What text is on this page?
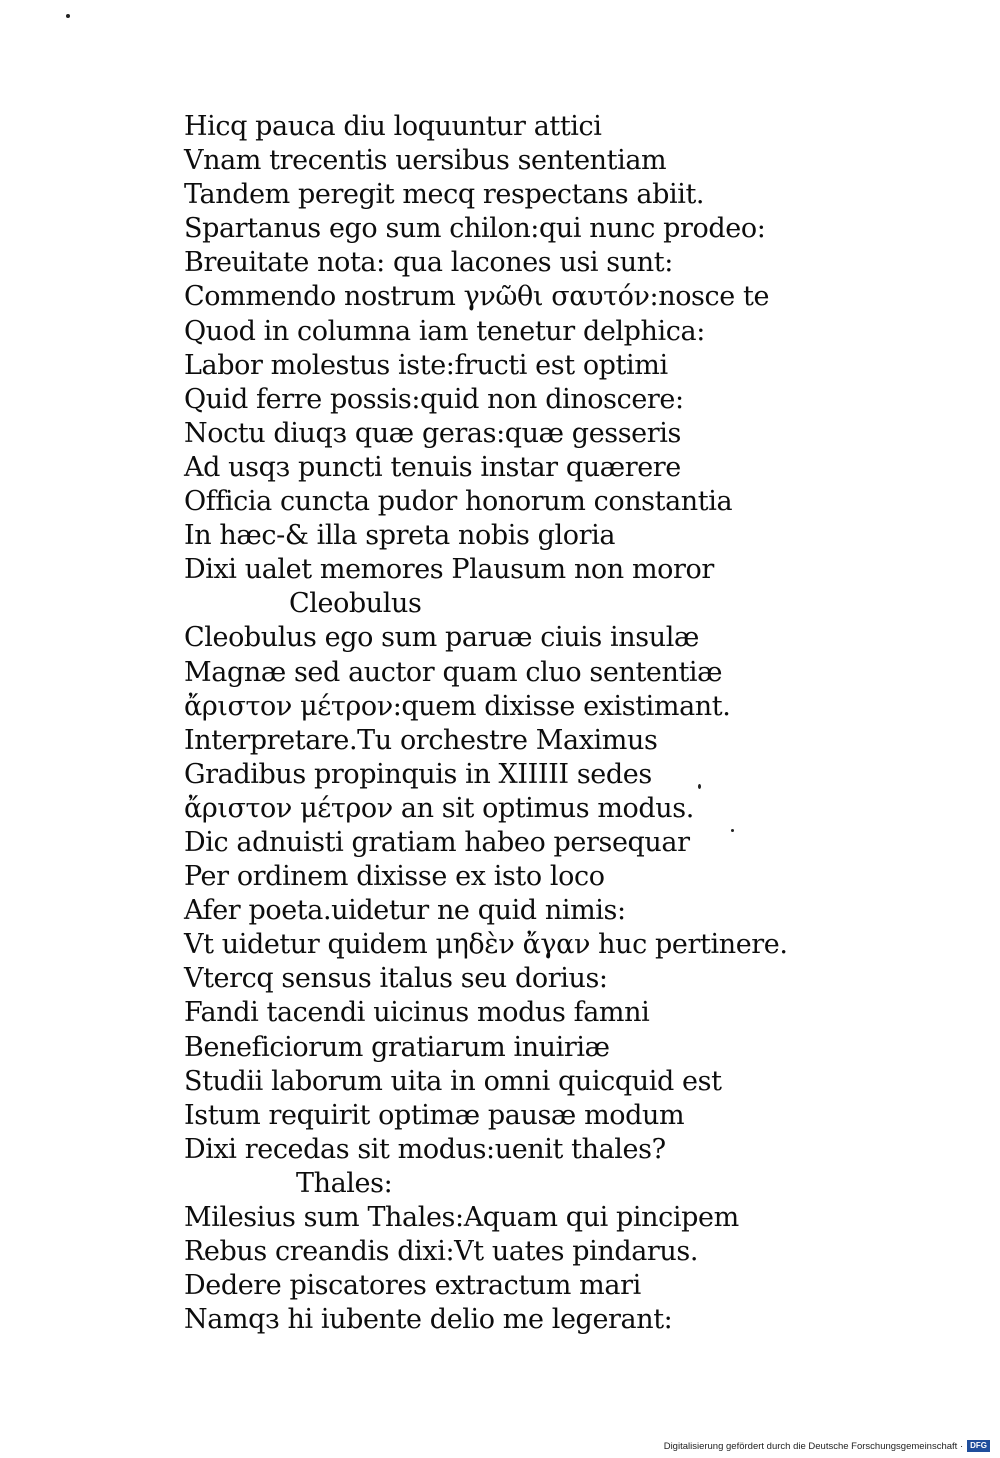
Hicq pauca diu loquuntur attici
Vnam trecentis uersibus sententiam
Tandem peregit mecq respectans abiit.
Spartanus ego sum chilon:qui nunc prodeo:
Breuitate nota: qua lacones usi sunt:
Commendo nostrum γνῶθι σαυτόν:nosce te
Quod in columna iam tenetur delphica:
Labor molestus iste:fructi est optimi
Quid ferre possis:quid non dinoscere:
Noctu diuqз quæ geras:quæ gesseris
Ad usqз puncti tenuis instar quærere
Officia cuncta pudor honorum constantia
In hæc-& illa spreta nobis gloria
Dixi ualet memores Plausum non moror
Cleobulus
Cleobulus ego sum paruæ ciuis insulæ
Magnæ sed auctor quam cluo sententiæ
ἄριστον μέτρον:quem dixisse existimant.
Interpretare.Tu orchestre Maximus
Gradibus propinquis in XIIIII sedes
ἄριστον μέτρον an sit optimus modus.
Dic adnuisti gratiam habeo persequar
Per ordinem dixisse ex isto loco
Afer poeta.uidetur ne quid nimis:
Vt uidetur quidem μηδὲν ἄγαν huc pertinere.
Vtercq sensus italus seu dorius:
Fandi tacendi uicinus modus famni
Beneficiorum gratiarum inuiriæ
Studii laborum uita in omni quicquid est
Istum requirit optimæ pausæ modum
Dixi recedas sit modus:uenit thales?
Thales:
Milesius sum Thales:Aquam qui pincipem
Rebus creandis dixi:Vt uates pindarus.
Dedere piscatores extractum mari
Namqз hi iubente delio me legerant:
Digitalisierung gefördert durch die Deutsche Forschungsgemeinschaft · DFG
